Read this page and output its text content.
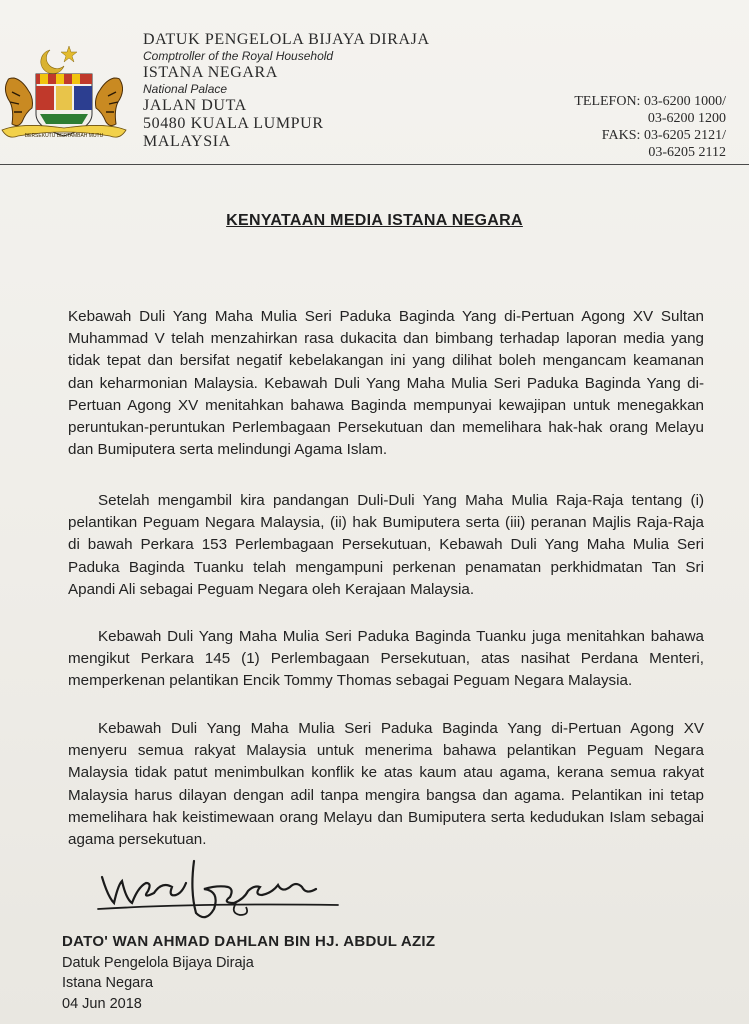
BERSEKUTU BERTAMBAH MUTU
DATUK PENGELOLA BIJAYA DIRAJA
Comptroller of the Royal Household
ISTANA NEGARA
National Palace
JALAN DUTA
50480 KUALA LUMPUR
MALAYSIA
TELEFON: 03-6200 1000/
03-6200 1200
FAKS: 03-6205 2121/
03-6205 2112
KENYATAAN MEDIA ISTANA NEGARA

Kebawah Duli Yang Maha Mulia Seri Paduka Baginda Yang di-Pertuan Agong XV Sultan Muhammad V telah menzahirkan rasa dukacita dan bimbang terhadap laporan media yang tidak tepat dan bersifat negatif kebelakangan ini yang dilihat boleh mengancam keamanan dan keharmonian Malaysia. Kebawah Duli Yang Maha Mulia Seri Paduka Baginda Yang di-Pertuan Agong XV menitahkan bahawa Baginda mempunyai kewajipan untuk menegakkan peruntukan-peruntukan Perlembagaan Persekutuan dan memelihara hak-hak orang Melayu dan Bumiputera serta melindungi Agama Islam.

Setelah mengambil kira pandangan Duli-Duli Yang Maha Mulia Raja-Raja tentang (i) pelantikan Peguam Negara Malaysia, (ii) hak Bumiputera serta (iii) peranan Majlis Raja-Raja di bawah Perkara 153 Perlembagaan Persekutuan, Kebawah Duli Yang Maha Mulia Seri Paduka Baginda Tuanku telah mengampuni perkenan penamatan perkhidmatan Tan Sri Apandi Ali sebagai Peguam Negara oleh Kerajaan Malaysia.

Kebawah Duli Yang Maha Mulia Seri Paduka Baginda Tuanku juga menitahkan bahawa mengikut Perkara 145 (1) Perlembagaan Persekutuan, atas nasihat Perdana Menteri, memperkenan pelantikan Encik Tommy Thomas sebagai Peguam Negara Malaysia.

Kebawah Duli Yang Maha Mulia Seri Paduka Baginda Yang di-Pertuan Agong XV menyeru semua rakyat Malaysia untuk menerima bahawa pelantikan Peguam Negara Malaysia tidak patut menimbulkan konflik ke atas kaum atau agama, kerana semua rakyat Malaysia harus dilayan dengan adil tanpa mengira bangsa dan agama. Pelantikan ini tetap memelihara hak keistimewaan orang Melayu dan Bumiputera serta kedudukan Islam sebagai agama persekutuan.

DATO' WAN AHMAD DAHLAN BIN HJ. ABDUL AZIZ
Datuk Pengelola Bijaya Diraja
Istana Negara
04 Jun 2018
